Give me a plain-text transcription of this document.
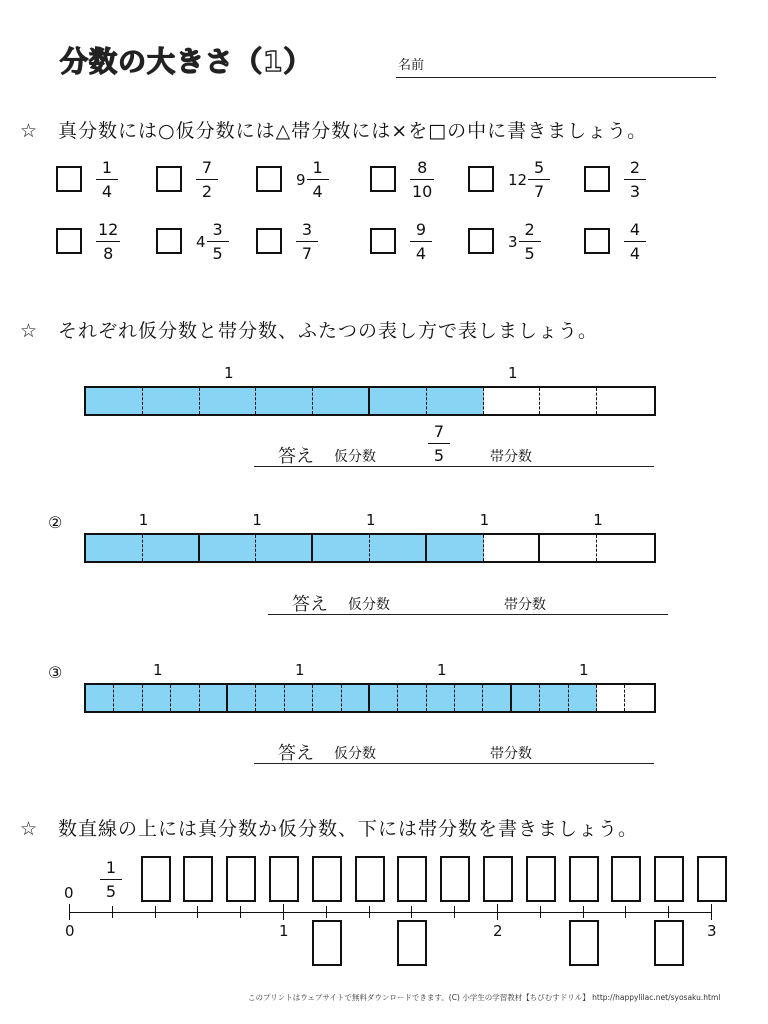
分数の大きさ（1）	名前
☆　真分数には○仮分数には△帯分数には×を□の中に書きましょう。
$\frac{1}{4}$	$\frac{7}{2}$	$9 \frac{1}{4}$	$\frac{8}{10}$	$12 \frac{5}{7}$	$\frac{2}{3}$
$\frac{12}{8}$	$4 \frac{3}{5}$	$\frac{3}{7}$	$\frac{9}{4}$	$3 \frac{2}{5}$	$\frac{4}{4}$
☆　それぞれ仮分数と帯分数、ふたつの表し方で表しましょう。
1	1
答え 仮分数	帯分数
$\frac{7}{5}$
②	1	1	1	1	1
答え 仮分数	帯分数
③	1	1	1	1
答え 仮分数	帯分数
☆　数直線の上には真分数か仮分数、下には帯分数を書きましょう。
0
1
5
0	1	2	3
このプリントはウェブサイトで無料ダウンロードできます。(C) 小学生の学習教材【ちびむすドリル】 http://happylilac.net/syosaku.html
